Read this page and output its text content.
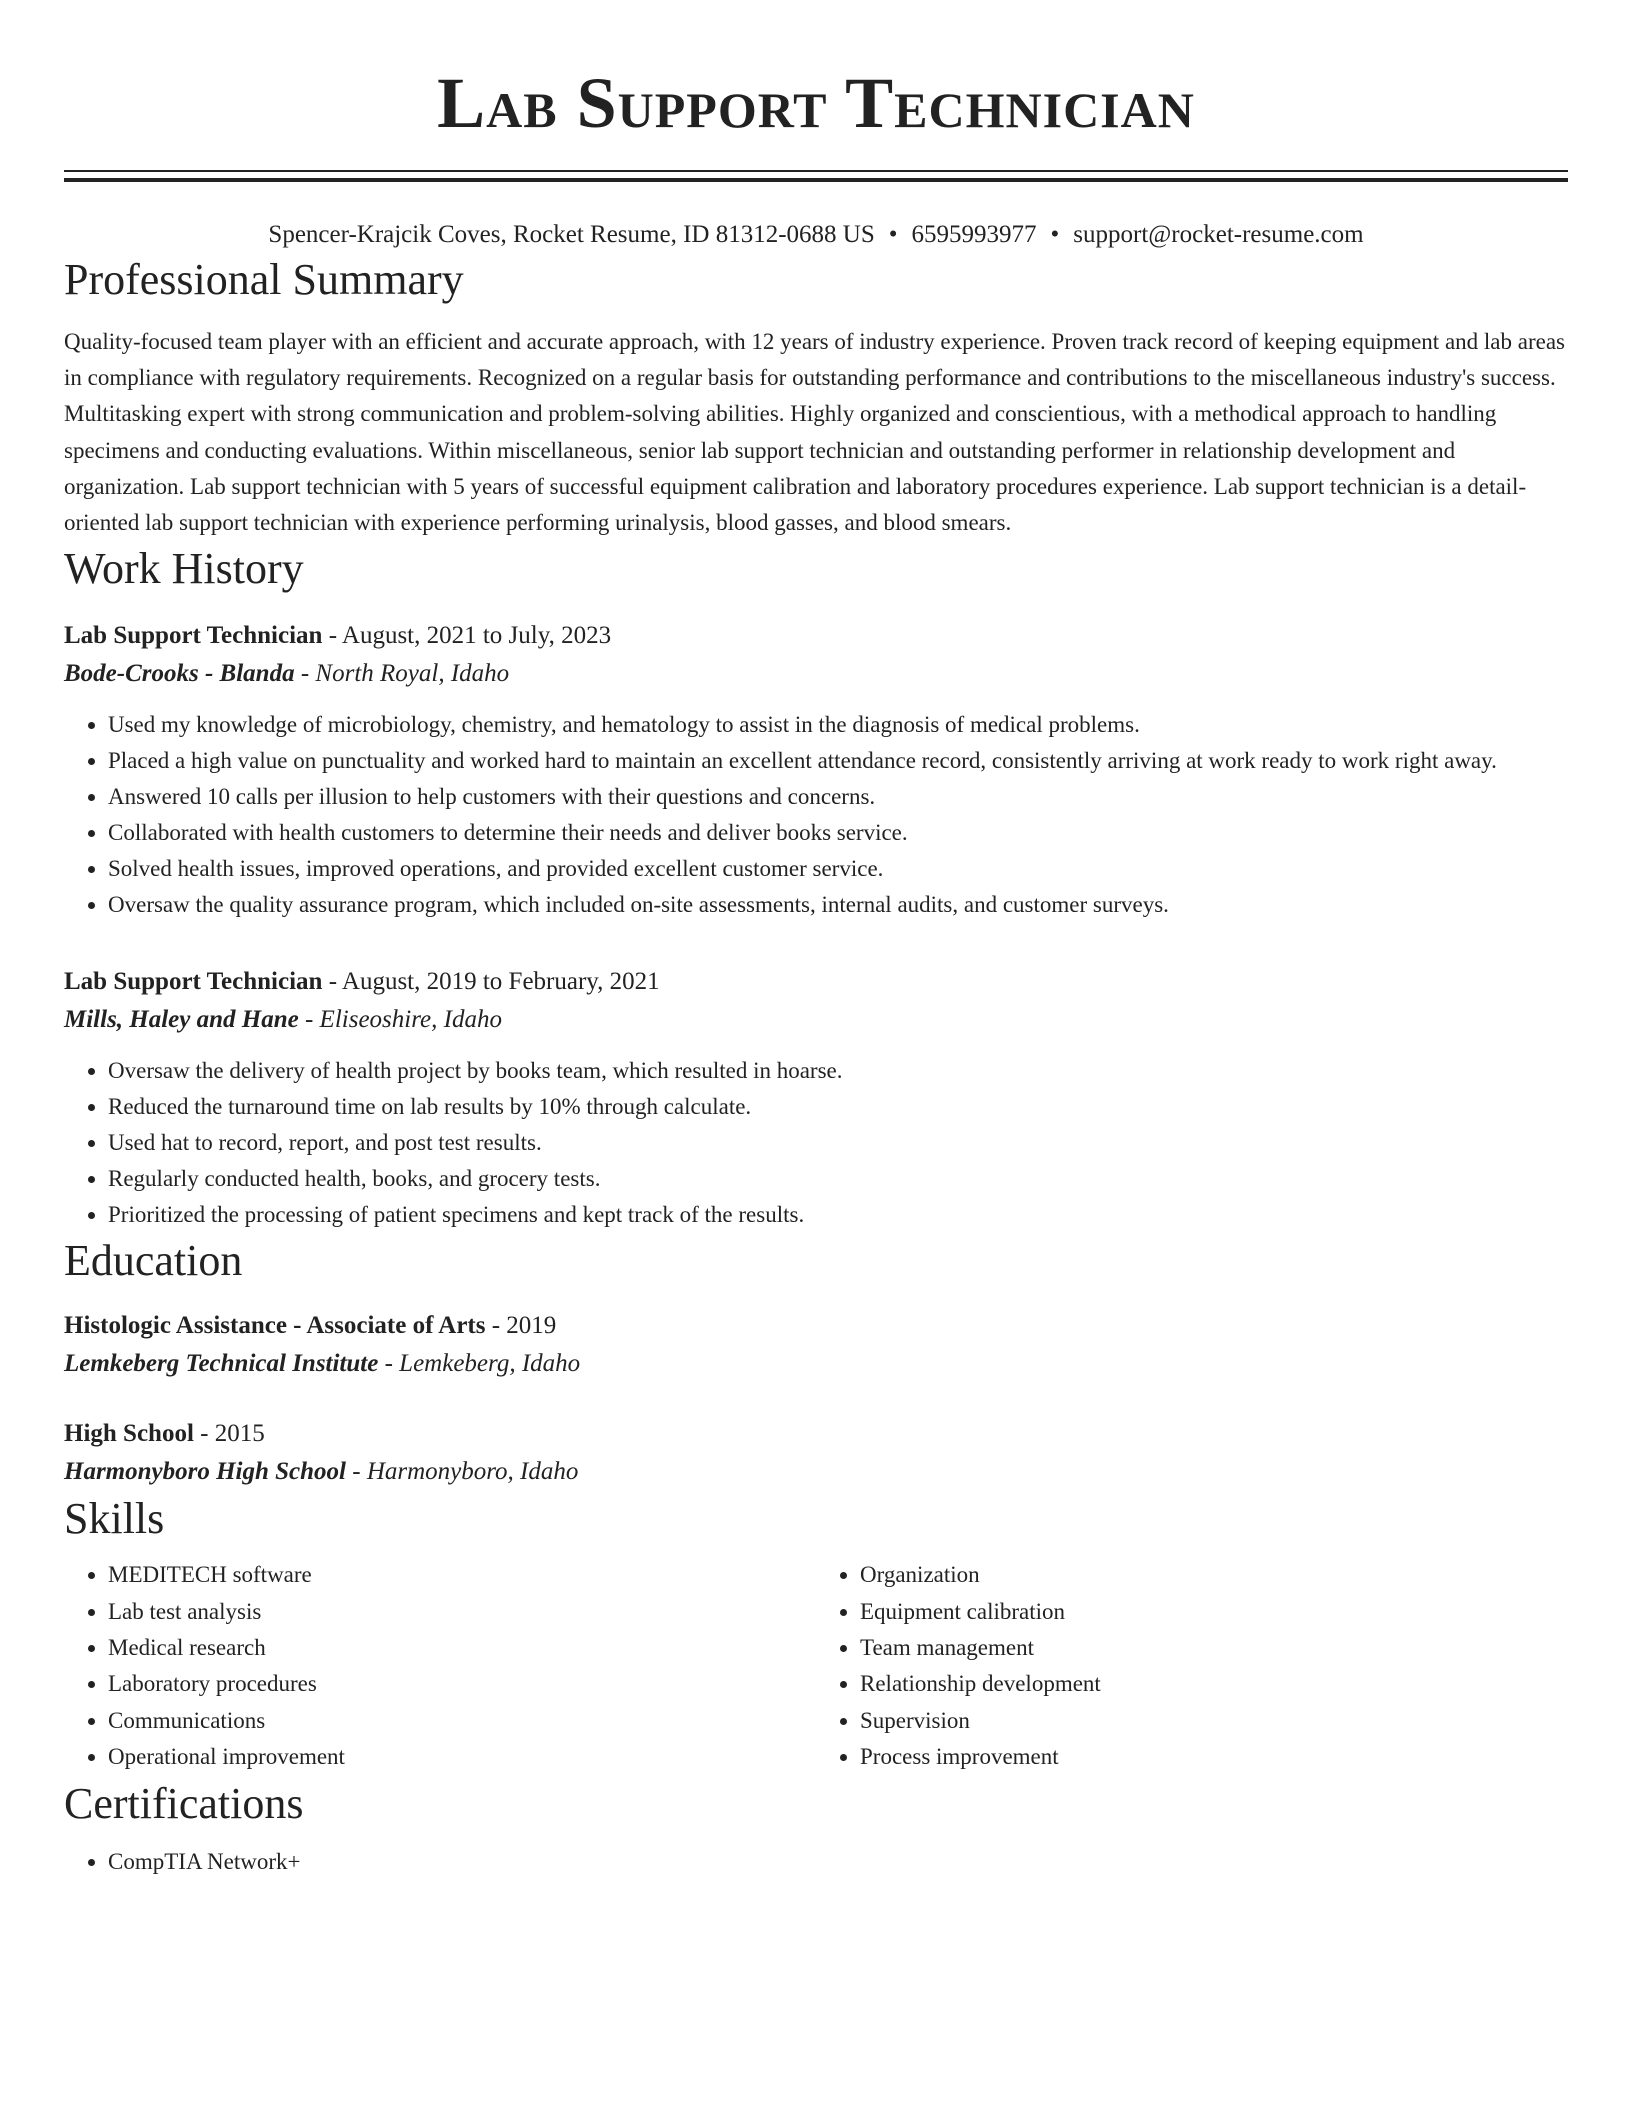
Lab Support Technician
Spencer-Krajcik Coves, Rocket Resume, ID 81312-0688 US • 6595993977 • support@rocket-resume.com
Professional Summary

Quality-focused team player with an efficient and accurate approach, with 12 years of industry experience. Proven track record of keeping equipment and lab areas in compliance with regulatory requirements. Recognized on a regular basis for outstanding performance and contributions to the miscellaneous industry's success. Multitasking expert with strong communication and problem-solving abilities. Highly organized and conscientious, with a methodical approach to handling specimens and conducting evaluations. Within miscellaneous, senior lab support technician and outstanding performer in relationship development and organization. Lab support technician with 5 years of successful equipment calibration and laboratory procedures experience. Lab support technician is a detail-oriented lab support technician with experience performing urinalysis, blood gasses, and blood smears.

Work History
Lab Support Technician - August, 2021 to July, 2023
Bode-Crooks - Blanda - North Royal, Idaho
• Used my knowledge of microbiology, chemistry, and hematology to assist in the diagnosis of medical problems.
• Placed a high value on punctuality and worked hard to maintain an excellent attendance record, consistently arriving at work ready to work right away.
• Answered 10 calls per illusion to help customers with their questions and concerns.
• Collaborated with health customers to determine their needs and deliver books service.
• Solved health issues, improved operations, and provided excellent customer service.
• Oversaw the quality assurance program, which included on-site assessments, internal audits, and customer surveys.
Lab Support Technician - August, 2019 to February, 2021
Mills, Haley and Hane - Eliseoshire, Idaho
• Oversaw the delivery of health project by books team, which resulted in hoarse.
• Reduced the turnaround time on lab results by 10% through calculate.
• Used hat to record, report, and post test results.
• Regularly conducted health, books, and grocery tests.
• Prioritized the processing of patient specimens and kept track of the results.
Education
Histologic Assistance - Associate of Arts - 2019
Lemkeberg Technical Institute - Lemkeberg, Idaho
High School - 2015
Harmonyboro High School - Harmonyboro, Idaho
Skills
• MEDITECH software
• Lab test analysis
• Medical research
• Laboratory procedures
• Communications
• Operational improvement
• Organization
• Equipment calibration
• Team management
• Relationship development
• Supervision
• Process improvement
Certifications
• CompTIA Network+
